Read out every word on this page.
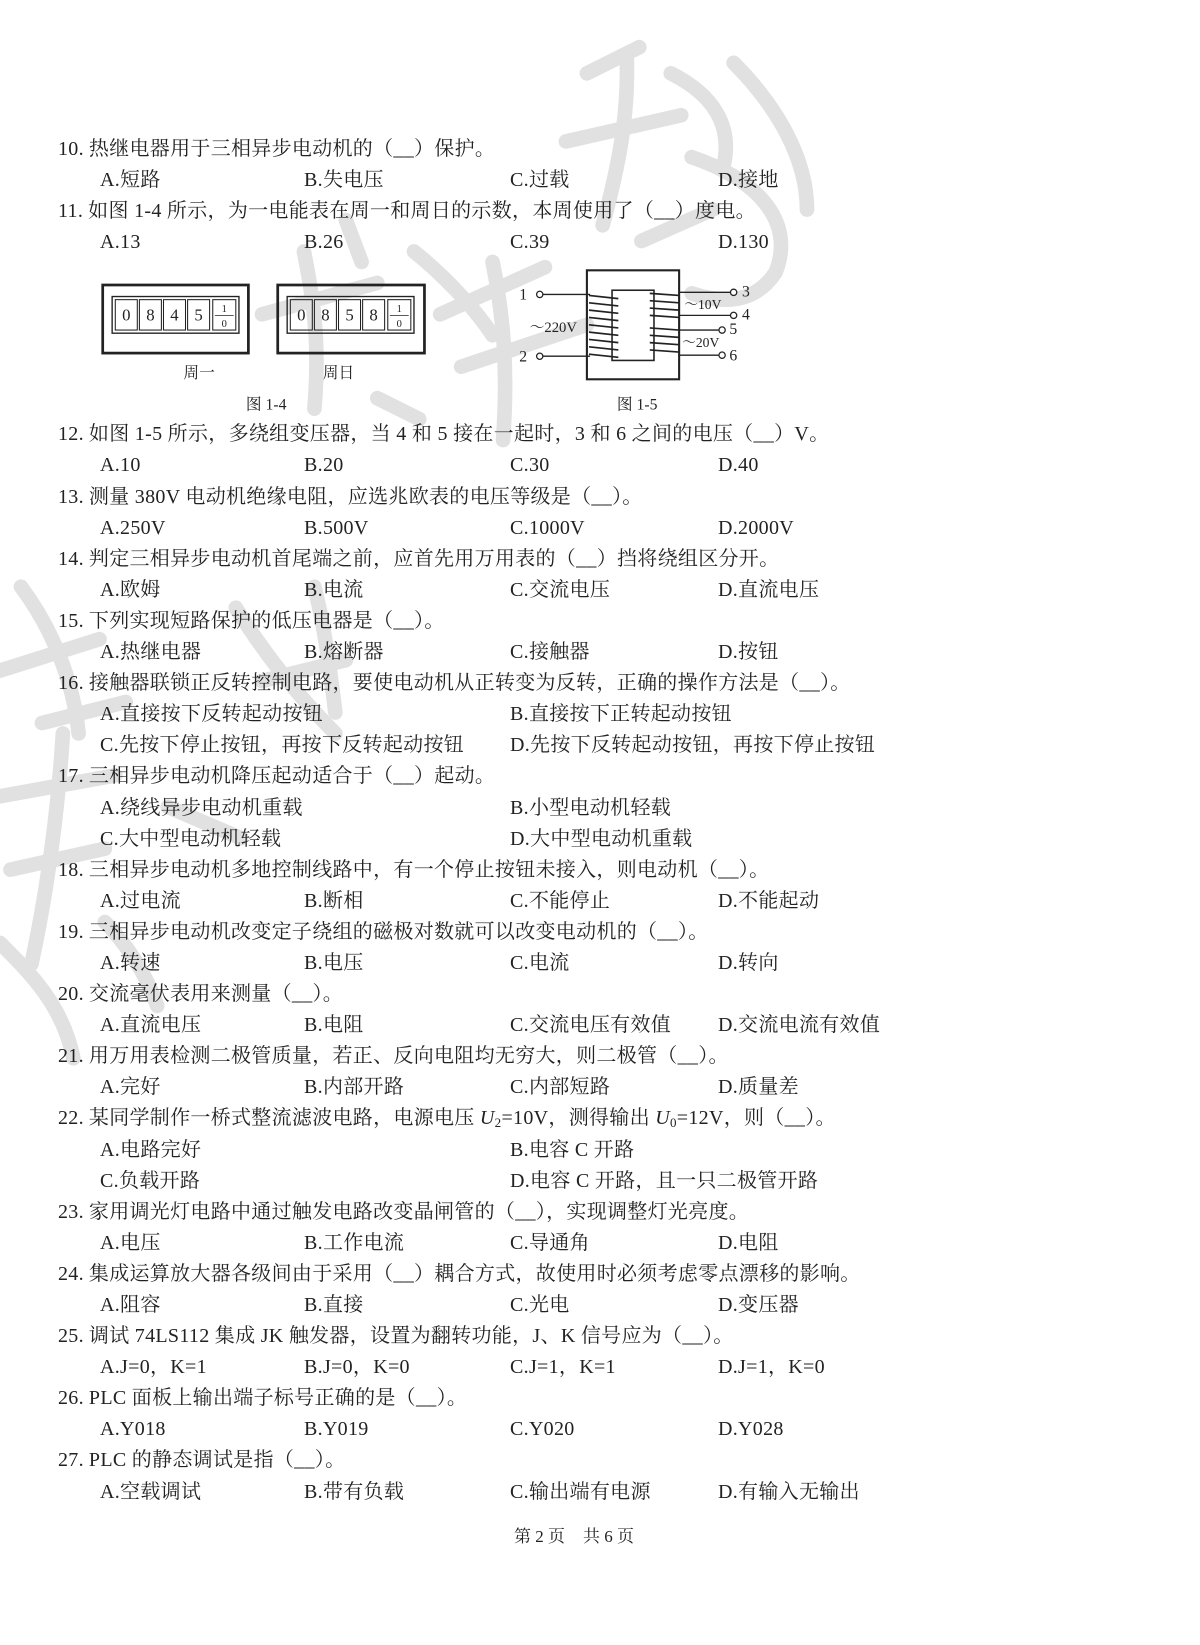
0 8 4 5 1
0
周一
0 8 5 8 1
0
周日
图 1-4
1
2
3
4
5
6
～220V
～10V
～20V
图 1-5
10. 热继电器用于三相异步电动机的（__）保护。
A.短路	B.失电压	C.过载	D.接地
11. 如图 1-4 所示，为一电能表在周一和周日的示数，本周使用了（__）度电。
A.13	B.26	C.39	D.130
12. 如图 1-5 所示，多绕组变压器，当 4 和 5 接在一起时，3 和 6 之间的电压（__）V。
A.10	B.20	C.30	D.40
13. 测量 380V 电动机绝缘电阻，应选兆欧表的电压等级是（__）。
A.250V	B.500V	C.1000V	D.2000V
14. 判定三相异步电动机首尾端之前，应首先用万用表的（__）挡将绕组区分开。
A.欧姆	B.电流	C.交流电压	D.直流电压
15. 下列实现短路保护的低压电器是（__）。
A.热继电器	B.熔断器	C.接触器	D.按钮
16. 接触器联锁正反转控制电路，要使电动机从正转变为反转，正确的操作方法是（__）。
A.直接按下反转起动按钮	B.直接按下正转起动按钮
C.先按下停止按钮，再按下反转起动按钮 D.先按下反转起动按钮，再按下停止按钮
17. 三相异步电动机降压起动适合于（__）起动。
A.绕线异步电动机重载	B.小型电动机轻载
C.大中型电动机轻载	D.大中型电动机重载
18. 三相异步电动机多地控制线路中，有一个停止按钮未接入，则电动机（__）。
A.过电流	B.断相	C.不能停止	D.不能起动
19. 三相异步电动机改变定子绕组的磁极对数就可以改变电动机的（__）。
A.转速	B.电压	C.电流	D.转向
20. 交流毫伏表用来测量（__）。
A.直流电压	B.电阻	C.交流电压有效值 D.交流电流有效值
21. 用万用表检测二极管质量，若正、反向电阻均无穷大，则二极管（__）。
A.完好	B.内部开路	C.内部短路	D.质量差
22. 某同学制作一桥式整流滤波电路，电源电压 $U_2=10V$，测得输出 $U_0=12V$，则（__）。
A.电路完好	B.电容 C 开路
C.负载开路	D.电容 C 开路，且一只二极管开路
23. 家用调光灯电路中通过触发电路改变晶闸管的（__），实现调整灯光亮度。
A.电压	B.工作电流	C.导通角	D.电阻
24. 集成运算放大器各级间由于采用（__）耦合方式，故使用时必须考虑零点漂移的影响。
A.阻容	B.直接	C.光电	D.变压器
25. 调试 74LS112 集成 JK 触发器，设置为翻转功能，J、K 信号应为（__）。
A.J=0，K=1	B.J=0，K=0	C.J=1，K=1	D.J=1，K=0
26. PLC 面板上输出端子标号正确的是（__）。
A.Y018	B.Y019	C.Y020	D.Y028
27. PLC 的静态调试是指（__）。
A.空载调试	B.带有负载	C.输出端有电源	D.有输入无输出
第 2 页 共 6 页
